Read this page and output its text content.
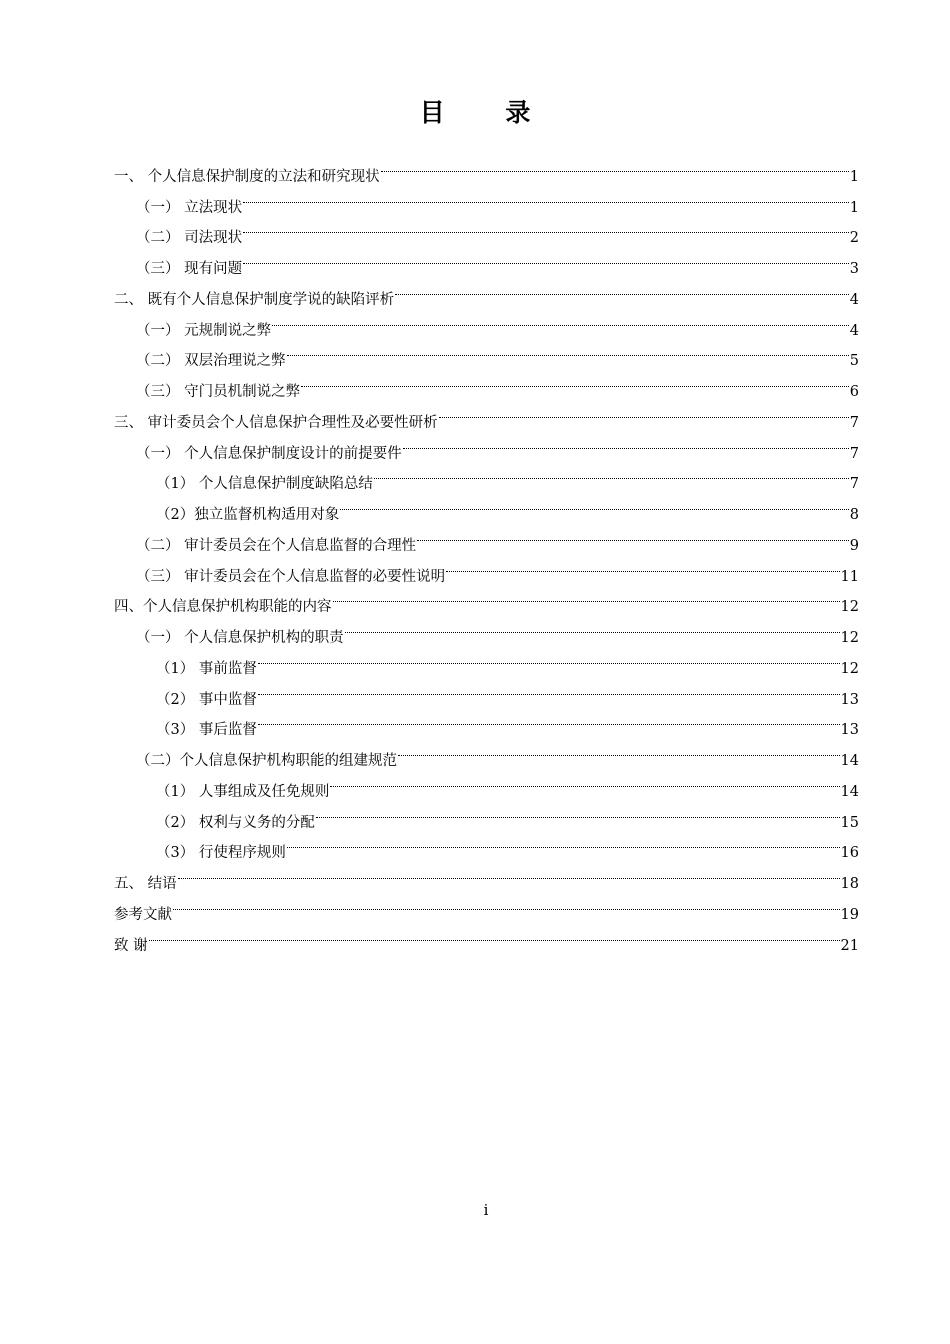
目 录
一、 个人信息保护制度的立法和研究现状	1
（一） 立法现状	1
（二） 司法现状	2
（三） 现有问题	3
二、 既有个人信息保护制度学说的缺陷评析	4
（一） 元规制说之弊	4
（二） 双层治理说之弊	5
（三） 守门员机制说之弊	6
三、 审计委员会个人信息保护合理性及必要性研析	7
（一） 个人信息保护制度设计的前提要件	7
（1） 个人信息保护制度缺陷总结	7
（2）独立监督机构适用对象	8
（二） 审计委员会在个人信息监督的合理性	9
（三） 审计委员会在个人信息监督的必要性说明	11
四、个人信息保护机构职能的内容	12
（一） 个人信息保护机构的职责	12
（1） 事前监督	12
（2） 事中监督	13
（3） 事后监督	13
（二）个人信息保护机构职能的组建规范	14
（1） 人事组成及任免规则	14
（2） 权利与义务的分配	15
（3） 行使程序规则	16
五、 结语	18
参考文献	19
致 谢	21
i
